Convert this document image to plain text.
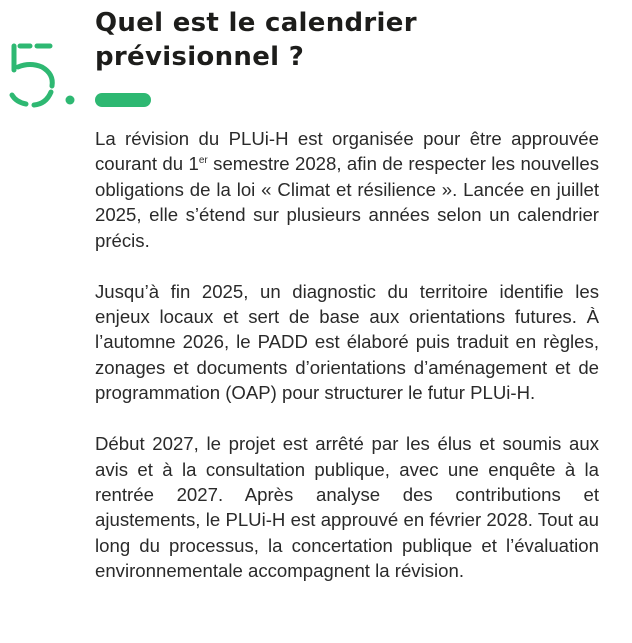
Quel est le calendrier
prévisionnel ?

La révision du PLUi-H est organisée pour être approuvée courant du 1er semestre 2028, afin de respecter les nouvelles obligations de la loi « Climat et résilience ». Lancée en juillet 2025, elle s’étend sur plusieurs années selon un calendrier précis.

Jusqu’à fin 2025, un diagnostic du territoire identifie les enjeux locaux et sert de base aux orientations futures. À l’automne 2026, le PADD est élaboré puis traduit en règles, zonages et documents d’orientations d’aménagement et de programmation (OAP) pour structurer le futur PLUi-H.

Début 2027, le projet est arrêté par les élus et soumis aux avis et à la consultation publique, avec une enquête à la rentrée 2027. Après analyse des contributions et ajustements, le PLUi-H est approuvé en février 2028. Tout au long du processus, la concertation publique et l’évaluation environnementale accompagnent la révision.
